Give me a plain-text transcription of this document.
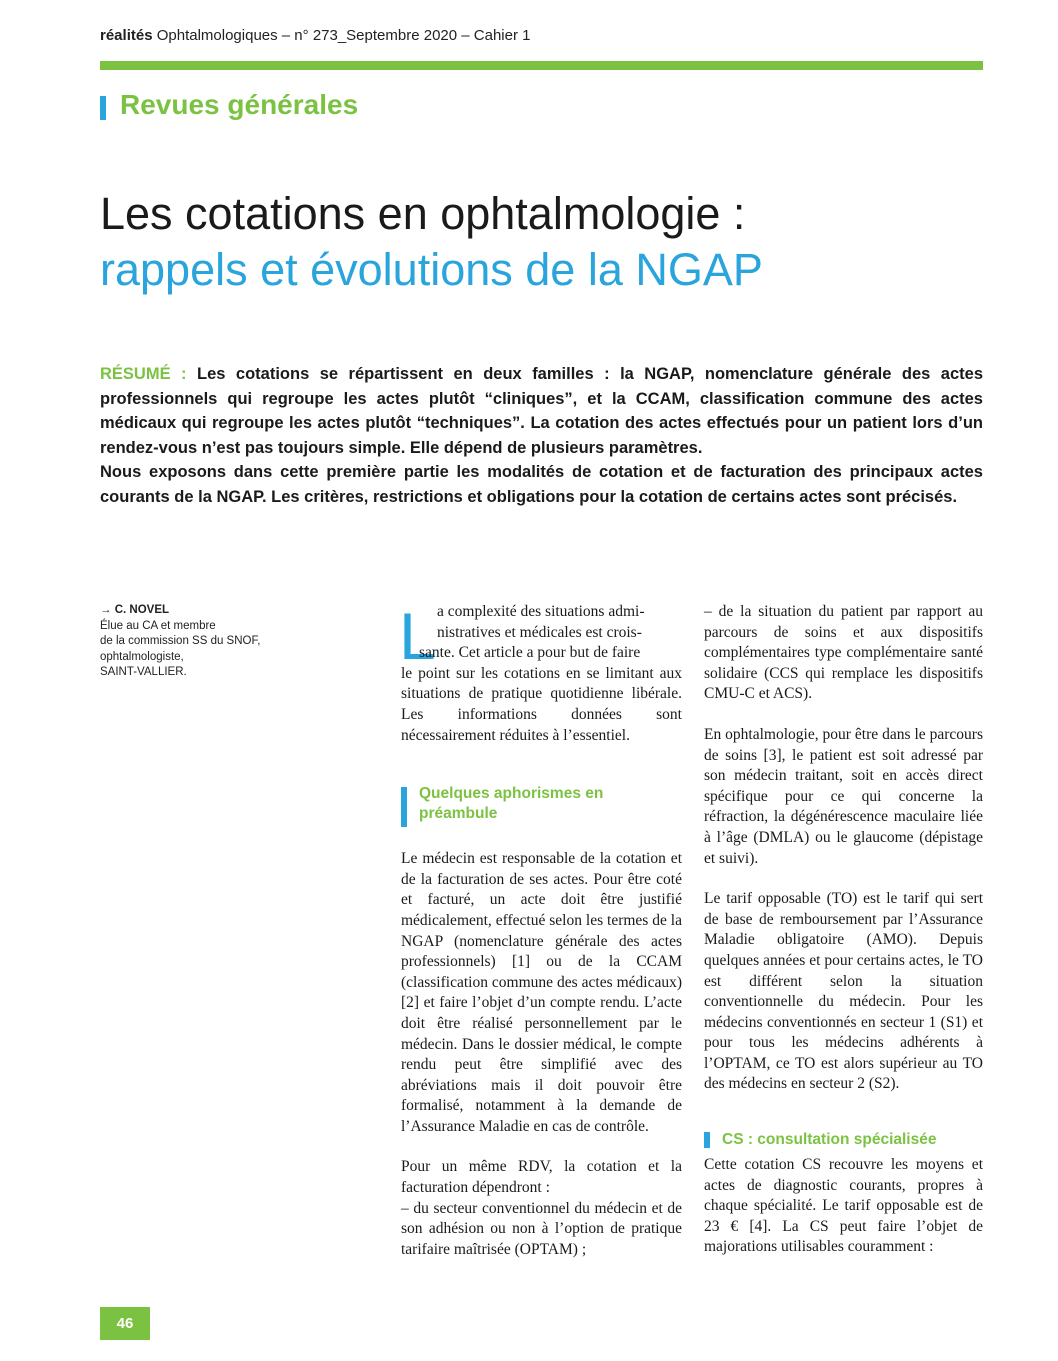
réalités Ophtalmologiques – n° 273_Septembre 2020 – Cahier 1
Revues générales
Les cotations en ophtalmologie :
rappels et évolutions de la NGAP

RÉSUMÉ : Les cotations se répartissent en deux familles : la NGAP, nomenclature générale des actes professionnels qui regroupe les actes plutôt “cliniques”, et la CCAM, classification commune des actes médicaux qui regroupe les actes plutôt “techniques”. La cotation des actes effectués pour un patient lors d’un rendez-vous n’est pas toujours simple. Elle dépend de plusieurs paramètres.

Nous exposons dans cette première partie les modalités de cotation et de facturation des principaux actes courants de la NGAP. Les critères, restrictions et obligations pour la cotation de certains actes sont précisés.

→ C. NOVEL
Élue au CA et membre
de la commission SS du SNOF,
ophtalmologiste,
SAINT-VALLIER.	L a complexité des situations admi-

nistratives et médicales est crois-

sante. Cet article a pour but de faire

le point sur les cotations en se limitant aux situations de pratique quotidienne libérale. Les informations données sont nécessairement réduites à l’essentiel.

Le médecin est responsable de la cotation et de la facturation de ses actes. Pour être coté et facturé, un acte doit être justifié médicalement, effectué selon les termes de la NGAP (nomenclature générale des actes professionnels) [1] ou de la CCAM (classification commune des actes médicaux) [2] et faire l’objet d’un compte rendu. L’acte doit être réalisé personnellement par le médecin. Dans le dossier médical, le compte rendu peut être simplifié avec des abréviations mais il doit pouvoir être formalisé, notamment à la demande de l’Assurance Maladie en cas de contrôle.

Pour un même RDV, la cotation et la facturation dépendront :

– du secteur conventionnel du médecin et de son adhésion ou non à l’option de pratique tarifaire maîtrisée (OPTAM) ;

Quelques aphorismes en préambule

– de la situation du patient par rapport au parcours de soins et aux dispositifs complémentaires type complémentaire santé solidaire (CCS qui remplace les dispositifs CMU-C et ACS).

En ophtalmologie, pour être dans le parcours de soins [3], le patient est soit adressé par son médecin traitant, soit en accès direct spécifique pour ce qui concerne la réfraction, la dégénérescence maculaire liée à l’âge (DMLA) ou le glaucome (dépistage et suivi).

Le tarif opposable (TO) est le tarif qui sert de base de remboursement par l’Assurance Maladie obligatoire (AMO). Depuis quelques années et pour certains actes, le TO est différent selon la situation conventionnelle du médecin. Pour les médecins conventionnés en secteur 1 (S1) et pour tous les médecins adhérents à l’OPTAM, ce TO est alors supérieur au TO des médecins en secteur 2 (S2).

Cette cotation CS recouvre les moyens et actes de diagnostic courants, propres à chaque spécialité. Le tarif opposable est de 23 € [4]. La CS peut faire l’objet de majorations utilisables couramment :

CS : consultation spécialisée
46
